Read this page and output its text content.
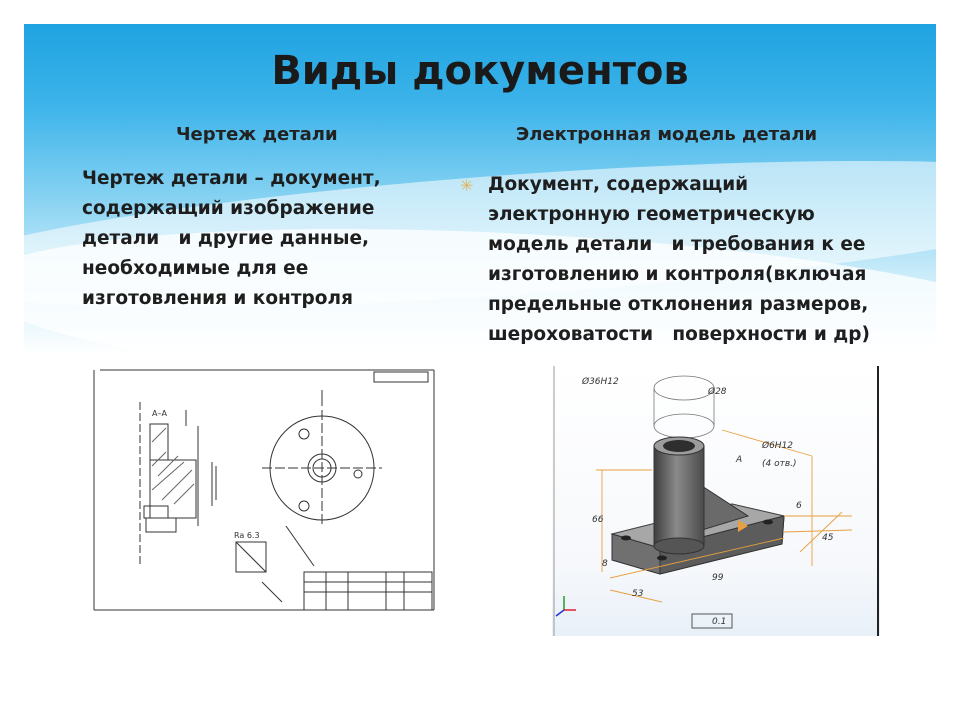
Виды документов
Чертеж детали	Электронная модель детали
Чертеж детали – документ,
содержащий изображение
детали   и другие данные,
необходимые для ее
изготовления и контроля
✳ Документ, содержащий
электронную геометрическую
модель детали   и требования к ее
изготовлению и контроля(включая
предельные отклонения размеров,
шероховатости   поверхности и др)
А–А
Ra 6.3
Ø36H12
Ø28
Ø6H12
(4 отв.)
66
99
53
8
45
6
А
0.1
